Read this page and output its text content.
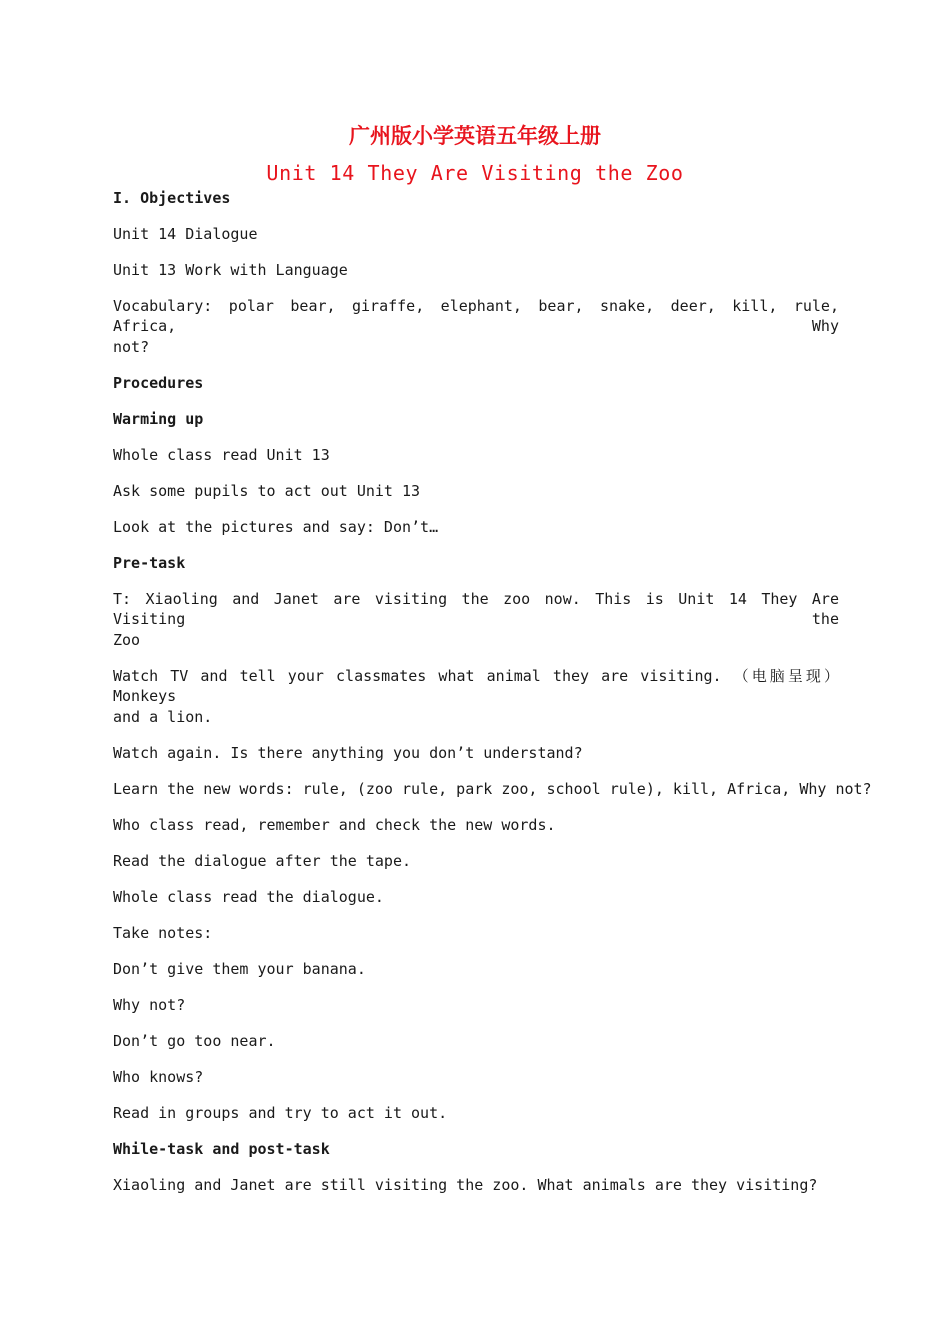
广州版小学英语五年级上册
Unit 14 They Are Visiting the Zoo
I. Objectives
Unit 14 Dialogue
Unit 13 Work with Language
Vocabulary: polar bear, giraffe, elephant, bear, snake, deer, kill, rule, Africa, Why
not?
Procedures
Warming up
Whole class read Unit 13
Ask some pupils to act out Unit 13
Look at the pictures and say: Don’t…
Pre-task
T: Xiaoling and Janet are visiting the zoo now. This is Unit 14 They Are Visiting the
Zoo
Watch TV and tell your classmates what animal they are visiting. （电脑呈现）Monkeys
and a lion.
Watch again. Is there anything you don’t understand?
Learn the new words: rule, (zoo rule, park zoo, school rule), kill, Africa, Why not?
Who class read, remember and check the new words.
Read the dialogue after the tape.
Whole class read the dialogue.
Take notes:
Don’t give them your banana.
Why not?
Don’t go too near.
Who knows?
Read in groups and try to act it out.
While-task and post-task
Xiaoling and Janet are still visiting the zoo. What animals are they visiting?
